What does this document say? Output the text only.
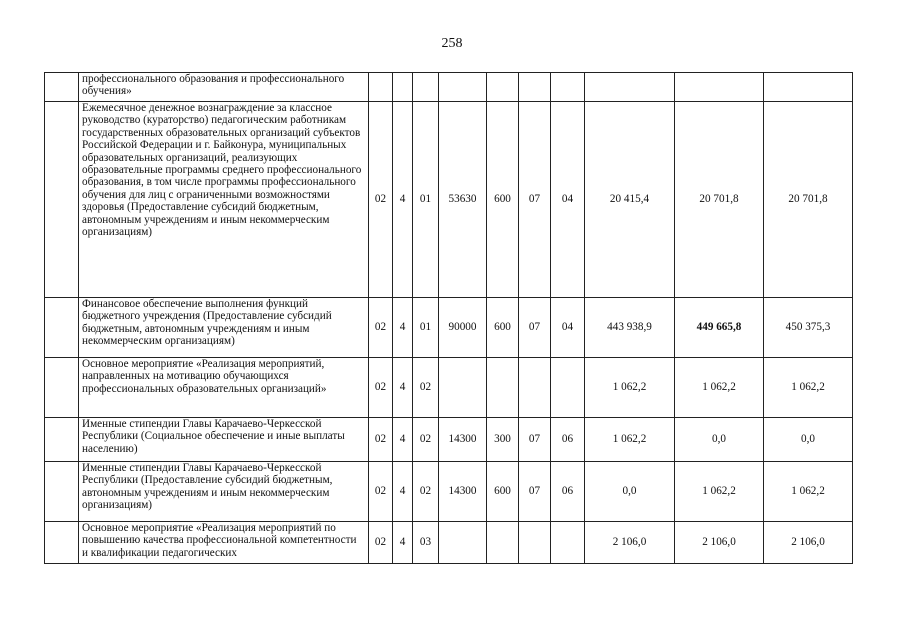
258
	профессионального образования и профессионального обучения»										
	Ежемесячное денежное вознаграждение за классное руководство (кураторство) педагогическим работникам государственных образовательных организаций субъектов Российской Федерации и г. Байконура, муниципальных образовательных организаций, реализующих образовательные программы среднего профессионального образования, в том числе программы профессионального обучения для лиц с ограниченными возможностями здоровья (Предоставление субсидий бюджетным, автономным учреждениям и иным некоммерческим организациям)	02	4	01	53630	600	07	04	20 415,4	20 701,8	20 701,8
	Финансовое обеспечение выполнения функций бюджетного учреждения (Предоставление субсидий бюджетным, автономным учреждениям и иным некоммерческим организациям)	02	4	01	90000	600	07	04	443 938,9	449 665,8	450 375,3
	Основное мероприятие «Реализация мероприятий, направленных на мотивацию обучающихся профессиональных образовательных организаций»	02	4	02					1 062,2	1 062,2	1 062,2
	Именные стипендии Главы Карачаево-Черкесской Республики (Социальное обеспечение и иные выплаты населению)	02	4	02	14300	300	07	06	1 062,2	0,0	0,0
	Именные стипендии Главы Карачаево-Черкесской Республики (Предоставление субсидий бюджетным, автономным учреждениям и иным некоммерческим организациям)	02	4	02	14300	600	07	06	0,0	1 062,2	1 062,2
	Основное мероприятие «Реализация мероприятий по повышению качества профессиональной компетентности и квалификации педагогических	02	4	03					2 106,0	2 106,0	2 106,0
